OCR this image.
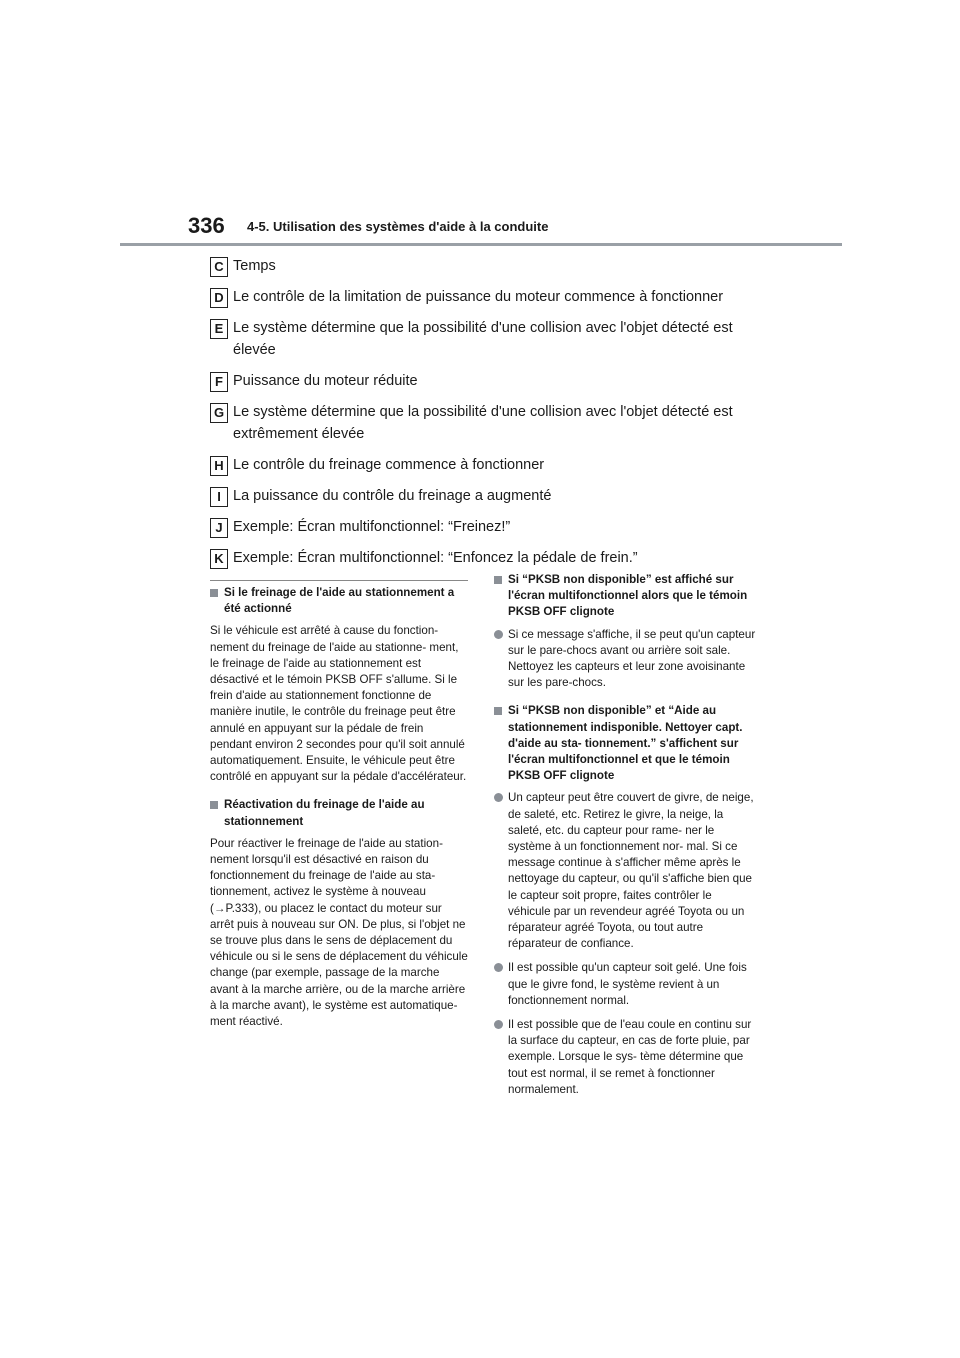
336 4-5. Utilisation des systèmes d'aide à la conduite
C Temps
D Le contrôle de la limitation de puissance du moteur commence à fonctionner
E Le système détermine que la possibilité d'une collision avec l'objet détecté est élevée
F Puissance du moteur réduite
G Le système détermine que la possibilité d'une collision avec l'objet détecté est extrêmement élevée
H Le contrôle du freinage commence à fonctionner
I La puissance du contrôle du freinage a augmenté
J Exemple: Écran multifonctionnel: “Freinez!”
K Exemple: Écran multifonctionnel: “Enfoncez la pédale de frein.”
Si le freinage de l'aide au stationnement a été actionné

Si le véhicule est arrêté à cause du fonction- nement du freinage de l'aide au stationne- ment, le freinage de l'aide au stationnement est désactivé et le témoin PKSB OFF s'allume. Si le frein d'aide au stationnement fonctionne de manière inutile, le contrôle du freinage peut être annulé en appuyant sur la pédale de frein pendant environ 2 secondes pour qu'il soit annulé automatiquement. Ensuite, le véhicule peut être contrôlé en appuyant sur la pédale d'accélérateur.

Réactivation du freinage de l'aide au stationnement

Pour réactiver le freinage de l'aide au station- nement lorsqu'il est désactivé en raison du fonctionnement du freinage de l'aide au sta- tionnement, activez le système à nouveau (→P.333), ou placez le contact du moteur sur arrêt puis à nouveau sur ON. De plus, si l'objet ne se trouve plus dans le sens de déplacement du véhicule ou si le sens de déplacement du véhicule change (par exemple, passage de la marche avant à la marche arrière, ou de la marche arrière à la marche avant), le système est automatique- ment réactivé.

Si “PKSB non disponible” est affiché sur l'écran multifonctionnel alors que le témoin PKSB OFF clignote
Si ce message s'affiche, il se peut qu'un capteur sur le pare-chocs avant ou arrière soit sale. Nettoyez les capteurs et leur zone avoisinante sur les pare-chocs.
Si “PKSB non disponible” et “Aide au stationnement indisponible. Nettoyer capt. d'aide au sta- tionnement.” s'affichent sur l'écran multifonctionnel et que le témoin PKSB OFF clignote
Un capteur peut être couvert de givre, de neige, de saleté, etc. Retirez le givre, la neige, la saleté, etc. du capteur pour rame- ner le système à un fonctionnement nor- mal. Si ce message continue à s'afficher même après le nettoyage du capteur, ou qu'il s'affiche bien que le capteur soit propre, faites contrôler le véhicule par un revendeur agréé Toyota ou un réparateur agréé Toyota, ou tout autre réparateur de confiance.
Il est possible qu'un capteur soit gelé. Une fois que le givre fond, le système revient à un fonctionnement normal.
Il est possible que de l'eau coule en continu sur la surface du capteur, en cas de forte pluie, par exemple. Lorsque le sys- tème détermine que tout est normal, il se remet à fonctionner normalement.
